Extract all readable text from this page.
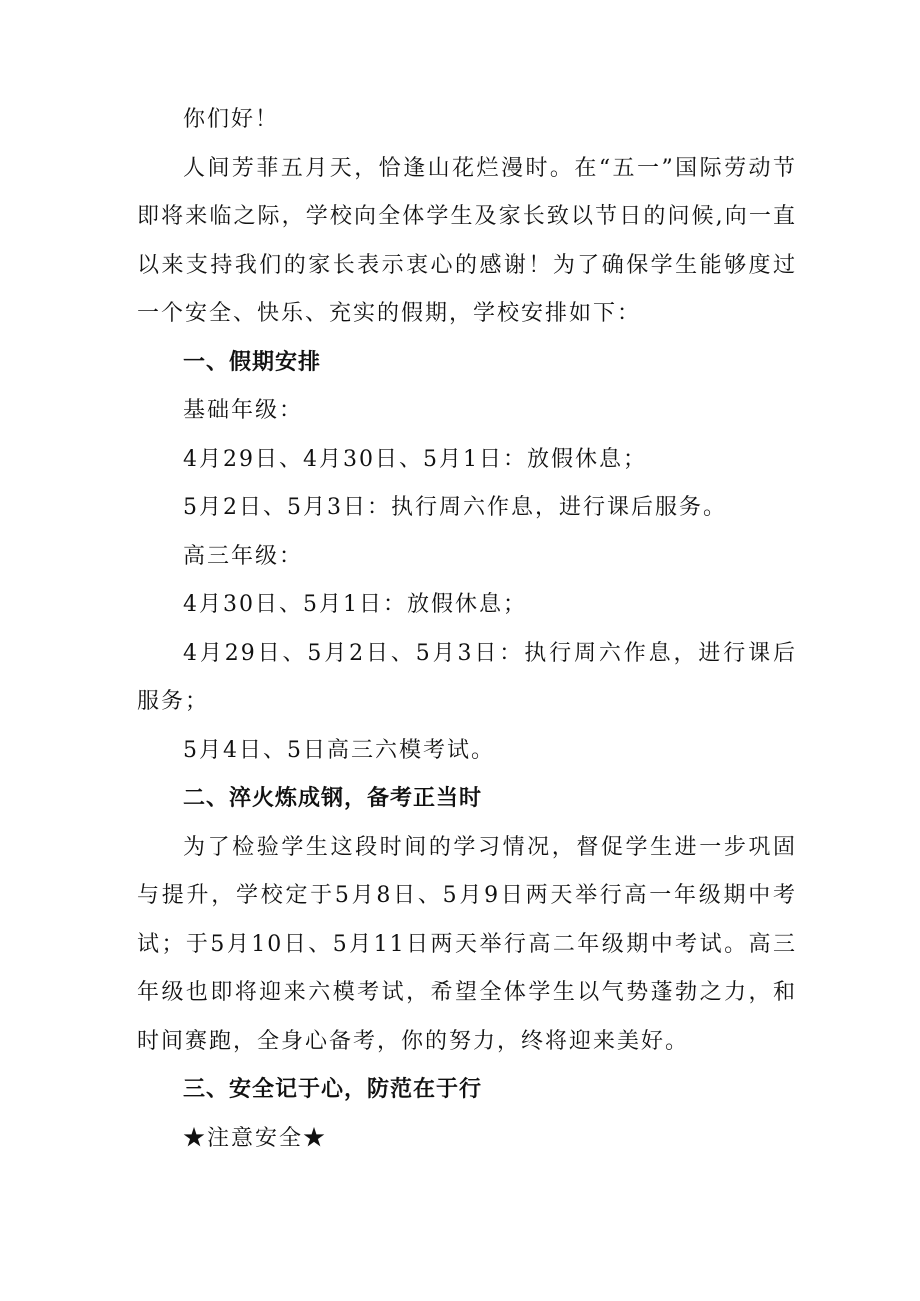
你们好！

人间芳菲五月天，恰逢山花烂漫时。在“五一”国际劳动节即将来临之际，学校向全体学生及家长致以节日的问候,向一直以来支持我们的家长表示衷心的感谢！为了确保学生能够度过一个安全、快乐、充实的假期，学校安排如下：

一、假期安排

基础年级：

4月29日、4月30日、5月1日：放假休息；

5月2日、5月3日：执行周六作息，进行课后服务。

高三年级：

4月30日、5月1日：放假休息；

4月29日、5月2日、5月3日：执行周六作息，进行课后服务；

5月4日、5日高三六模考试。

二、淬火炼成钢，备考正当时

为了检验学生这段时间的学习情况，督促学生进一步巩固与提升，学校定于5月8日、5月9日两天举行高一年级期中考试；于5月10日、5月11日两天举行高二年级期中考试。高三年级也即将迎来六模考试，希望全体学生以气势蓬勃之力，和时间赛跑，全身心备考，你的努力，终将迎来美好。

三、安全记于心，防范在于行

★注意安全★
